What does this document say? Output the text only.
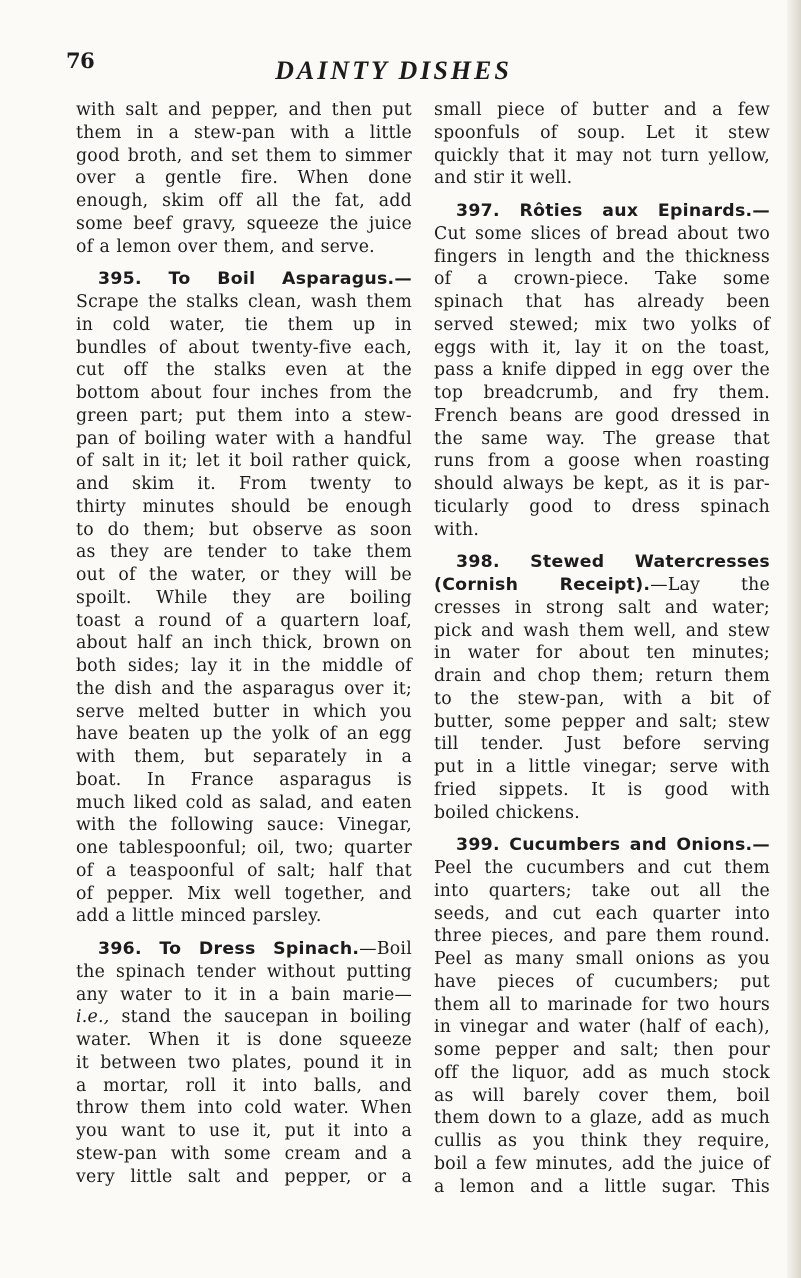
76	DAINTY DISHES
with salt and pepper, and then put
them in a stew-pan with a little
good broth, and set them to simmer
over a gentle fire. When done
enough, skim off all the fat, add
some beef gravy, squeeze the juice
of a lemon over them, and serve.
395. To Boil Asparagus.—
Scrape the stalks clean, wash them
in cold water, tie them up in
bundles of about twenty-five each,
cut off the stalks even at the
bottom about four inches from the
green part; put them into a stew-
pan of boiling water with a handful
of salt in it; let it boil rather quick,
and skim it. From twenty to
thirty minutes should be enough
to do them; but observe as soon
as they are tender to take them
out of the water, or they will be
spoilt. While they are boiling
toast a round of a quartern loaf,
about half an inch thick, brown on
both sides; lay it in the middle of
the dish and the asparagus over it;
serve melted butter in which you
have beaten up the yolk of an egg
with them, but separately in a
boat. In France asparagus is
much liked cold as salad, and eaten
with the following sauce: Vinegar,
one tablespoonful; oil, two; quarter
of a teaspoonful of salt; half that
of pepper. Mix well together, and
add a little minced parsley.
396. To Dress Spinach.—Boil
the spinach tender without putting
any water to it in a bain marie—
i.e., stand the saucepan in boiling
water. When it is done squeeze
it between two plates, pound it in
a mortar, roll it into balls, and
throw them into cold water. When
you want to use it, put it into a
stew-pan with some cream and a
very little salt and pepper, or a
small piece of butter and a few
spoonfuls of soup. Let it stew
quickly that it may not turn yellow,
and stir it well.
397. Rôties aux Epinards.—
Cut some slices of bread about two
fingers in length and the thickness
of a crown-piece. Take some
spinach that has already been
served stewed; mix two yolks of
eggs with it, lay it on the toast,
pass a knife dipped in egg over the
top breadcrumb, and fry them.
French beans are good dressed in
the same way. The grease that
runs from a goose when roasting
should always be kept, as it is par-
ticularly good to dress spinach
with.
398. Stewed Watercresses
(Cornish Receipt).—Lay the
cresses in strong salt and water;
pick and wash them well, and stew
in water for about ten minutes;
drain and chop them; return them
to the stew-pan, with a bit of
butter, some pepper and salt; stew
till tender. Just before serving
put in a little vinegar; serve with
fried sippets. It is good with
boiled chickens.
399. Cucumbers and Onions.—
Peel the cucumbers and cut them
into quarters; take out all the
seeds, and cut each quarter into
three pieces, and pare them round.
Peel as many small onions as you
have pieces of cucumbers; put
them all to marinade for two hours
in vinegar and water (half of each),
some pepper and salt; then pour
off the liquor, add as much stock
as will barely cover them, boil
them down to a glaze, add as much
cullis as you think they require,
boil a few minutes, add the juice of
a lemon and a little sugar. This
